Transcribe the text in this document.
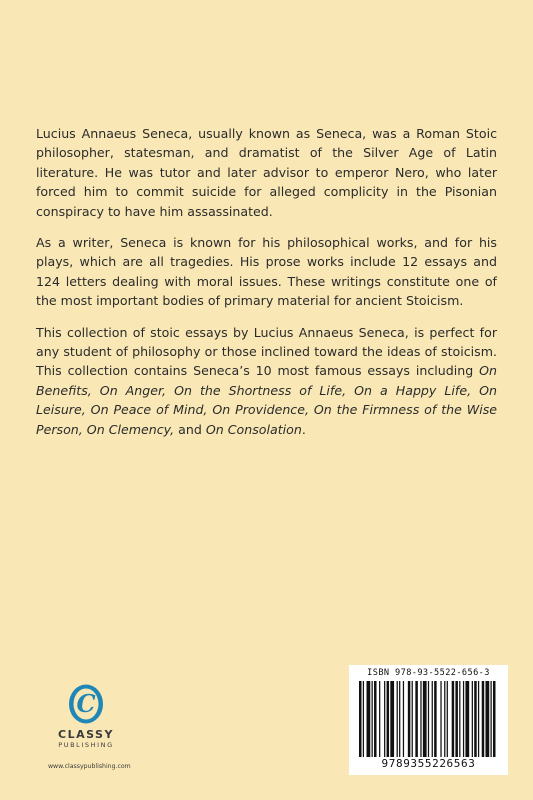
Lucius Annaeus Seneca, usually known as Seneca, was a Roman Stoic philosopher, statesman, and dramatist of the Silver Age of Latin literature. He was tutor and later advisor to emperor Nero, who later forced him to commit suicide for alleged complicity in the Pisonian conspiracy to have him assassinated.

As a writer, Seneca is known for his philosophical works, and for his plays, which are all tragedies. His prose works include 12 essays and 124 letters dealing with moral issues. These writings constitute one of the most important bodies of primary material for ancient Stoicism.

This collection of stoic essays by Lucius Annaeus Seneca, is perfect for any student of philosophy or those inclined toward the ideas of stoicism. This collection contains Seneca’s 10 most famous essays including On Benefits, On Anger, On the Shortness of Life, On a Happy Life, On Leisure, On Peace of Mind, On Providence, On the Firmness of the Wise Person, On Clemency, and On Consolation.

C
CLASSY
PUBLISHING
www.classypublishing.com
ISBN 978-93-5522-656-3
9789355226563
